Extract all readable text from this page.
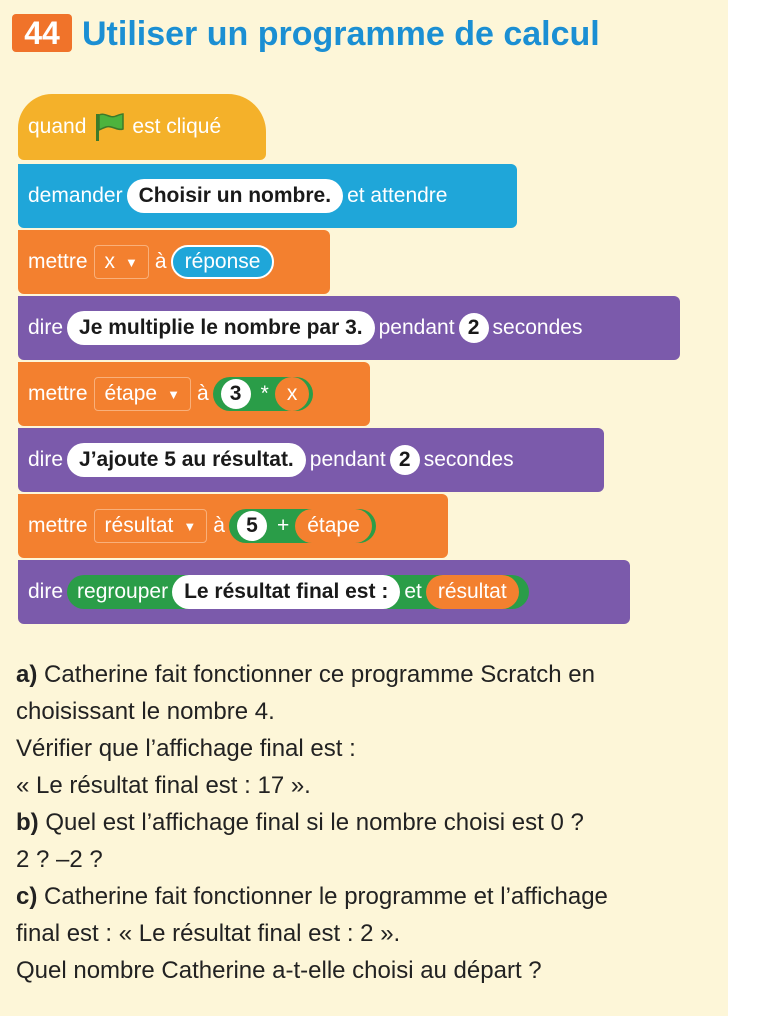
44 Utiliser un programme de calcul
quand est cliqué
demander Choisir un nombre. et attendre
mettre x ▼ à réponse
dire Je multiplie le nombre par 3. pendant 2 secondes
mettre étape ▼ à	3 * x
dire J’ajoute 5 au résultat. pendant 2 secondes
mettre résultat ▼ à	5 + étape
dire regrouper Le résultat final est : et résultat

a) Catherine fait fonctionner ce programme Scratch en

choisissant le nombre 4.

Vérifier que l’affichage final est :

« Le résultat final est : 17 ».

b) Quel est l’affichage final si le nombre choisi est 0 ?

2 ? –2 ?

c) Catherine fait fonctionner le programme et l’affichage

final est : « Le résultat final est : 2 ».

Quel nombre Catherine a-t-elle choisi au départ ?
